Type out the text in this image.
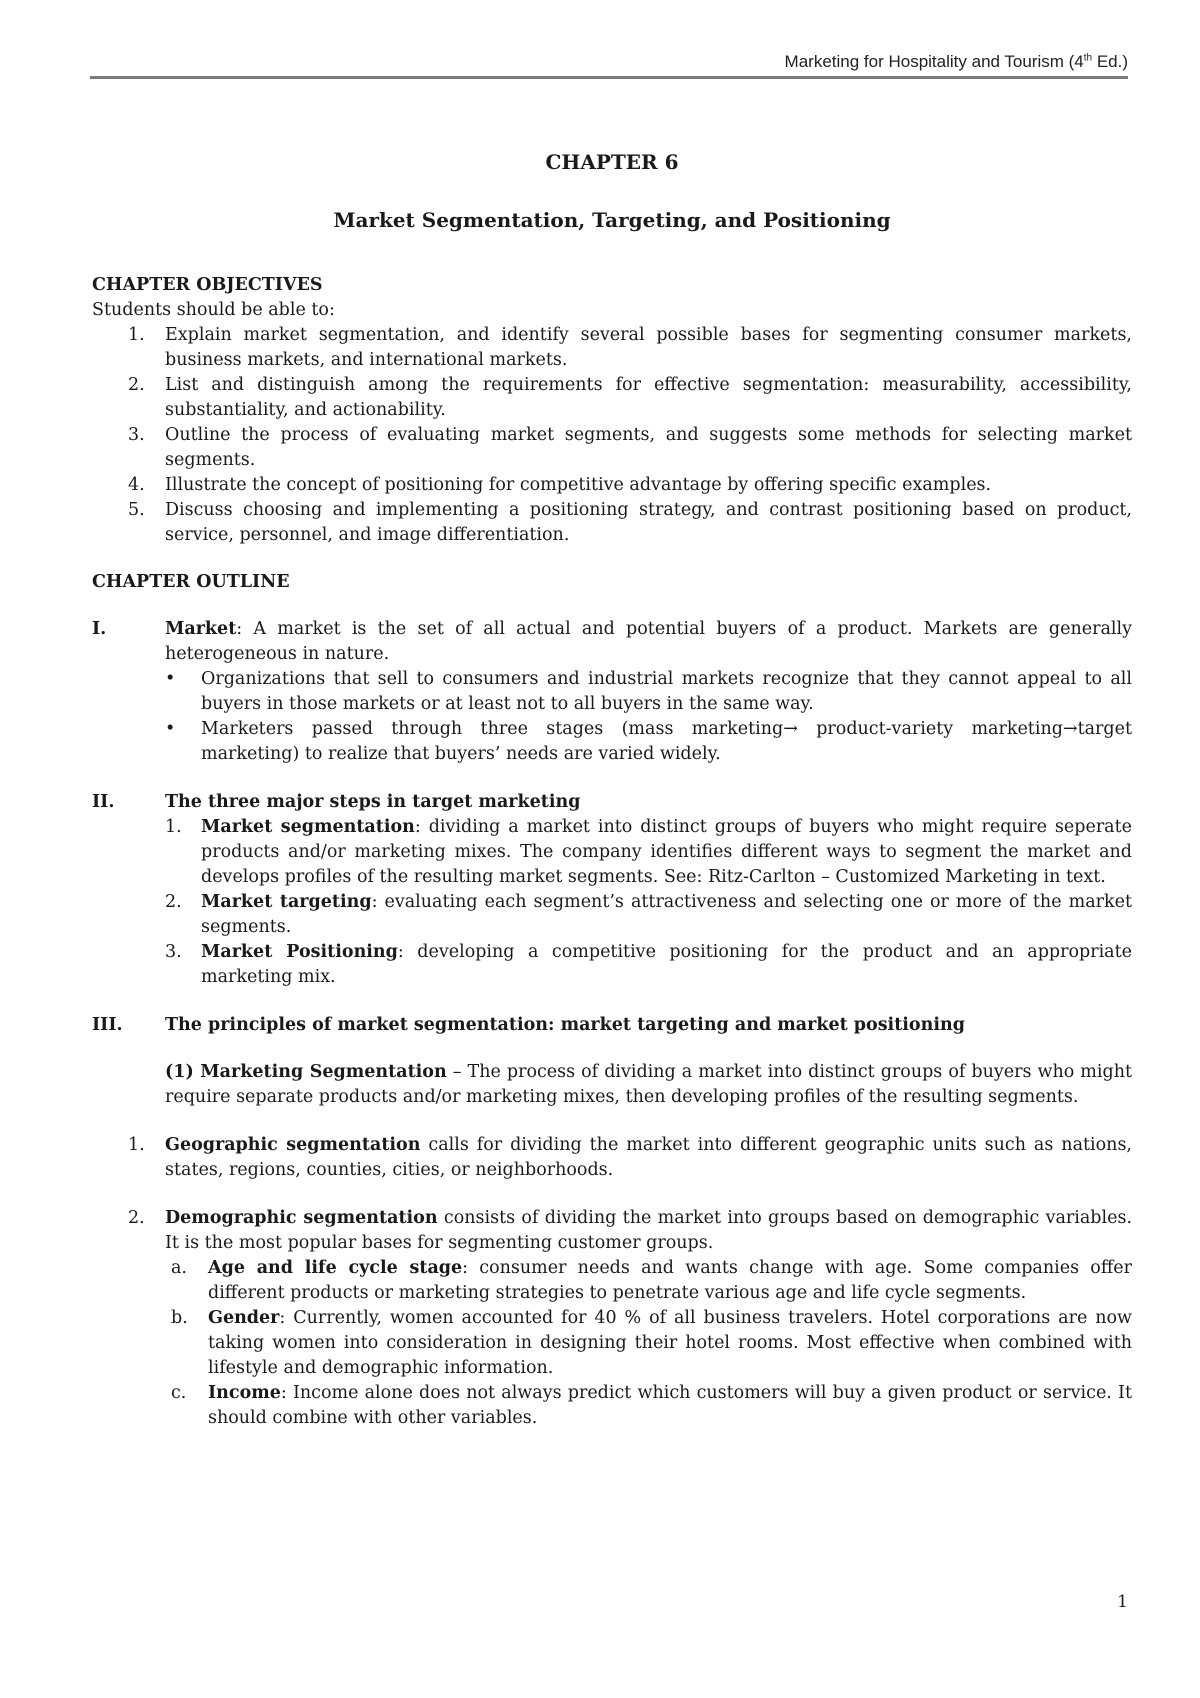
Marketing for Hospitality and Tourism (4th Ed.)
CHAPTER 6
Market Segmentation, Targeting, and Positioning
CHAPTER OBJECTIVES
Students should be able to:
1. Explain market segmentation, and identify several possible bases for segmenting consumer markets, business markets, and international markets.
2. List and distinguish among the requirements for effective segmentation: measurability, accessibility, substantiality, and actionability.
3. Outline the process of evaluating market segments, and suggests some methods for selecting market segments.
4. Illustrate the concept of positioning for competitive advantage by offering specific examples.
5. Discuss choosing and implementing a positioning strategy, and contrast positioning based on product, service, personnel, and image differentiation.
CHAPTER OUTLINE
I.	Market: A market is the set of all actual and potential buyers of a product. Markets are generally heterogeneous in nature.
• Organizations that sell to consumers and industrial markets recognize that they cannot appeal to all buyers in those markets or at least not to all buyers in the same way.
• Marketers passed through three stages (mass marketing→ product-variety marketing→target marketing) to realize that buyers’ needs are varied widely.
II.	The three major steps in target marketing
1. Market segmentation: dividing a market into distinct groups of buyers who might require seperate products and/or marketing mixes. The company identifies different ways to segment the market and develops profiles of the resulting market segments. See: Ritz-Carlton – Customized Marketing in text.
2. Market targeting: evaluating each segment’s attractiveness and selecting one or more of the market segments.
3. Market Positioning: developing a competitive positioning for the product and an appropriate marketing mix.
III. The principles of market segmentation: market targeting and market positioning
(1) Marketing Segmentation – The process of dividing a market into distinct groups of buyers who might require separate products and/or marketing mixes, then developing profiles of the resulting segments.
1. Geographic segmentation calls for dividing the market into different geographic units such as nations, states, regions, counties, cities, or neighborhoods.
2. Demographic segmentation consists of dividing the market into groups based on demographic variables. It is the most popular bases for segmenting customer groups.
a. Age and life cycle stage: consumer needs and wants change with age. Some companies offer different products or marketing strategies to penetrate various age and life cycle segments.
b. Gender: Currently, women accounted for 40 % of all business travelers. Hotel corporations are now taking women into consideration in designing their hotel rooms. Most effective when combined with lifestyle and demographic information.
c. Income: Income alone does not always predict which customers will buy a given product or service. It should combine with other variables.
1
